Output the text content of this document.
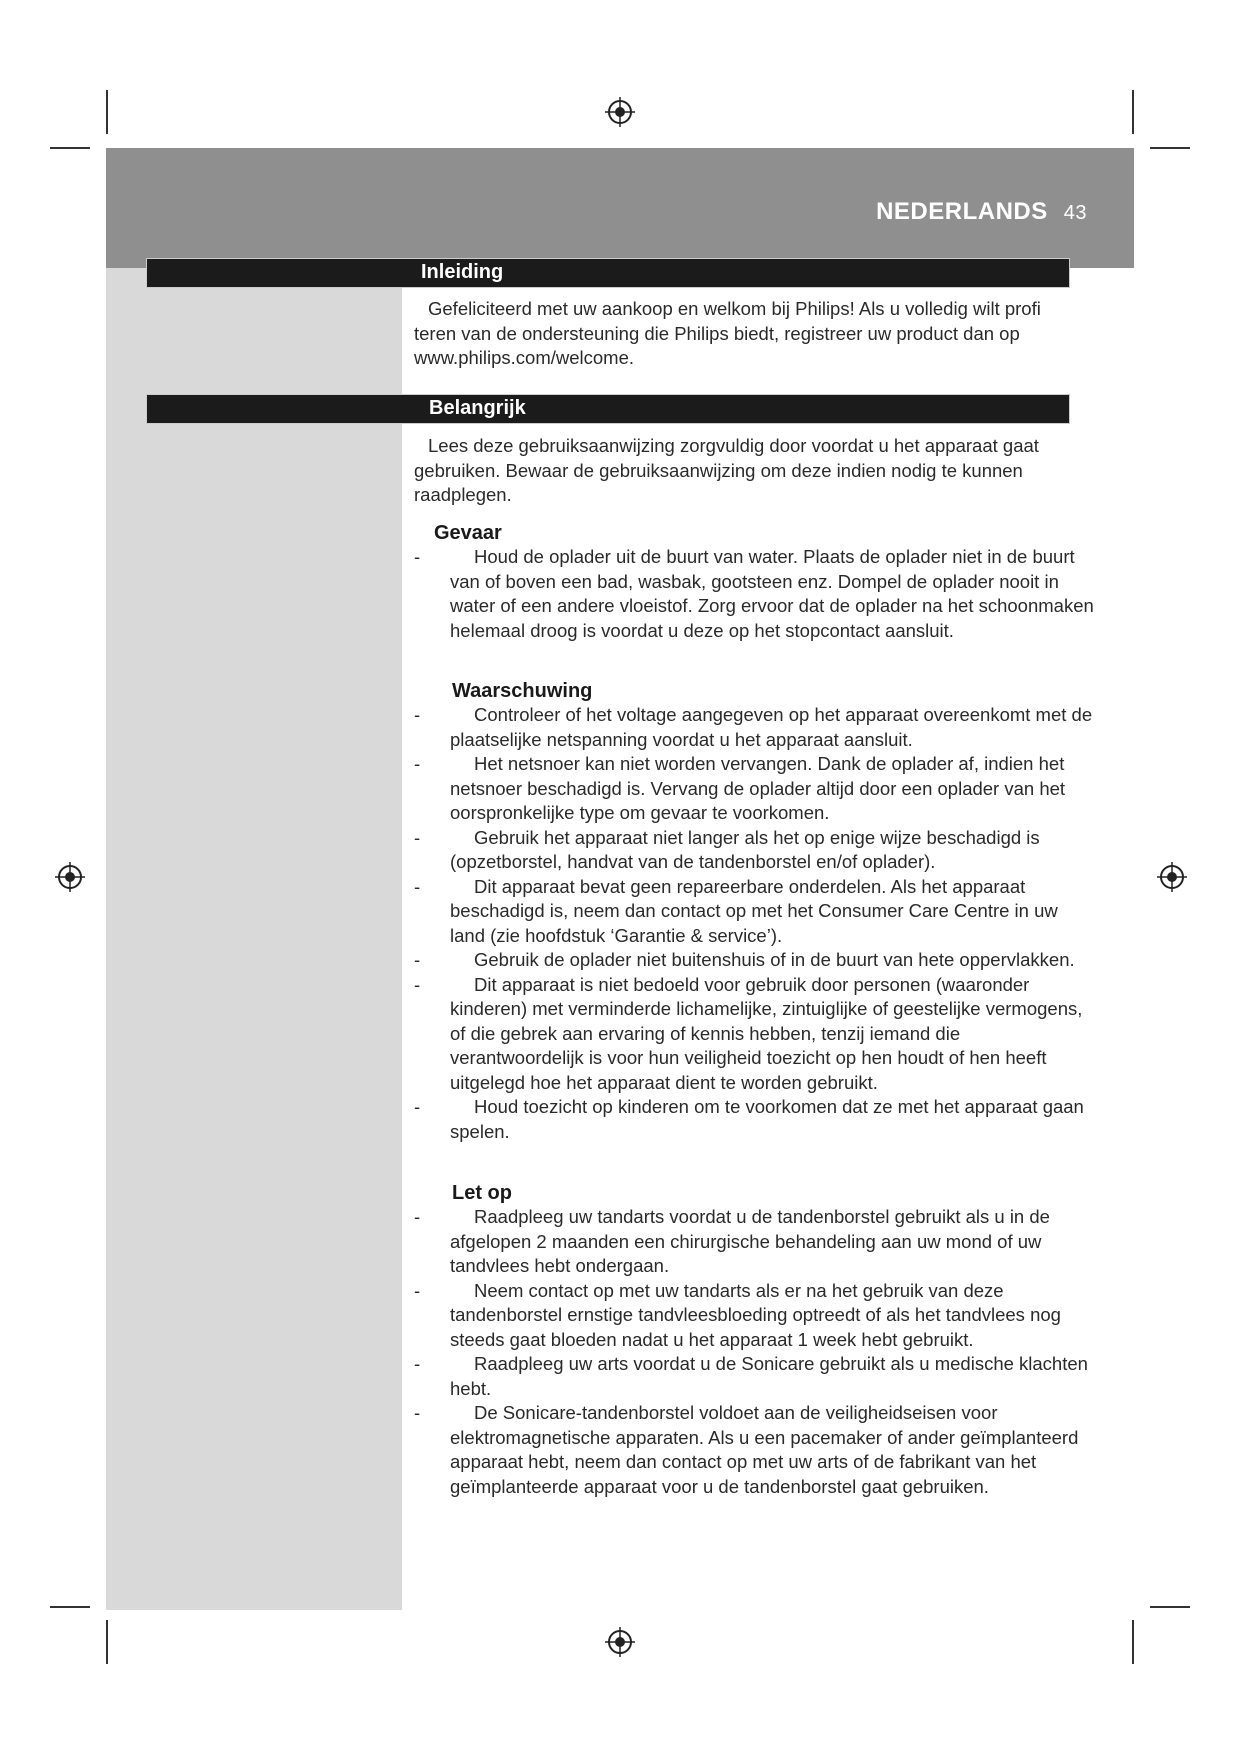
NEDERLANDS 43
Inleiding
Gefeliciteerd met uw aankoop en welkom bij Philips! Als u volledig wilt profi teren van de ondersteuning die Philips biedt, registreer uw product dan op www.philips.com/welcome.
Belangrijk
Lees deze gebruiksaanwijzing zorgvuldig door voordat u het apparaat gaat gebruiken. Bewaar de gebruiksaanwijzing om deze indien nodig te kunnen raadplegen.
Gevaar
-	Houd de oplader uit de buurt van water. Plaats de oplader niet in de buurt van of boven een bad, wasbak, gootsteen enz. Dompel de oplader nooit in water of een andere vloeistof. Zorg ervoor dat de oplader na het schoonmaken helemaal droog is voordat u deze op het stopcontact aansluit.
Waarschuwing
-	Controleer of het voltage aangegeven op het apparaat overeenkomt met de plaatselijke netspanning voordat u het apparaat aansluit.
-	Het netsnoer kan niet worden vervangen. Dank de oplader af, indien het netsnoer beschadigd is. Vervang de oplader altijd door een oplader van het oorspronkelijke type om gevaar te voorkomen.
-	Gebruik het apparaat niet langer als het op enige wijze beschadigd is (opzetborstel, handvat van de tandenborstel en/of oplader).
-	Dit apparaat bevat geen repareerbare onderdelen. Als het apparaat beschadigd is, neem dan contact op met het Consumer Care Centre in uw land (zie hoofdstuk ‘Garantie & service’).
-	Gebruik de oplader niet buitenshuis of in de buurt van hete oppervlakken.
-	Dit apparaat is niet bedoeld voor gebruik door personen (waaronder kinderen) met verminderde lichamelijke, zintuiglijke of geestelijke vermogens, of die gebrek aan ervaring of kennis hebben, tenzij iemand die verantwoordelijk is voor hun veiligheid toezicht op hen houdt of hen heeft uitgelegd hoe het apparaat dient te worden gebruikt.
-	Houd toezicht op kinderen om te voorkomen dat ze met het apparaat gaan spelen.
Let op
-	Raadpleeg uw tandarts voordat u de tandenborstel gebruikt als u in de afgelopen 2 maanden een chirurgische behandeling aan uw mond of uw tandvlees hebt ondergaan.
-	Neem contact op met uw tandarts als er na het gebruik van deze tandenborstel ernstige tandvleesbloeding optreedt of als het tandvlees nog steeds gaat bloeden nadat u het apparaat 1 week hebt gebruikt.
-	Raadpleeg uw arts voordat u de Sonicare gebruikt als u medische klachten hebt.
-	De Sonicare-tandenborstel voldoet aan de veiligheidseisen voor elektromagnetische apparaten. Als u een pacemaker of ander geïmplanteerd apparaat hebt, neem dan contact op met uw arts of de fabrikant van het geïmplanteerde apparaat voor u de tandenborstel gaat gebruiken.
